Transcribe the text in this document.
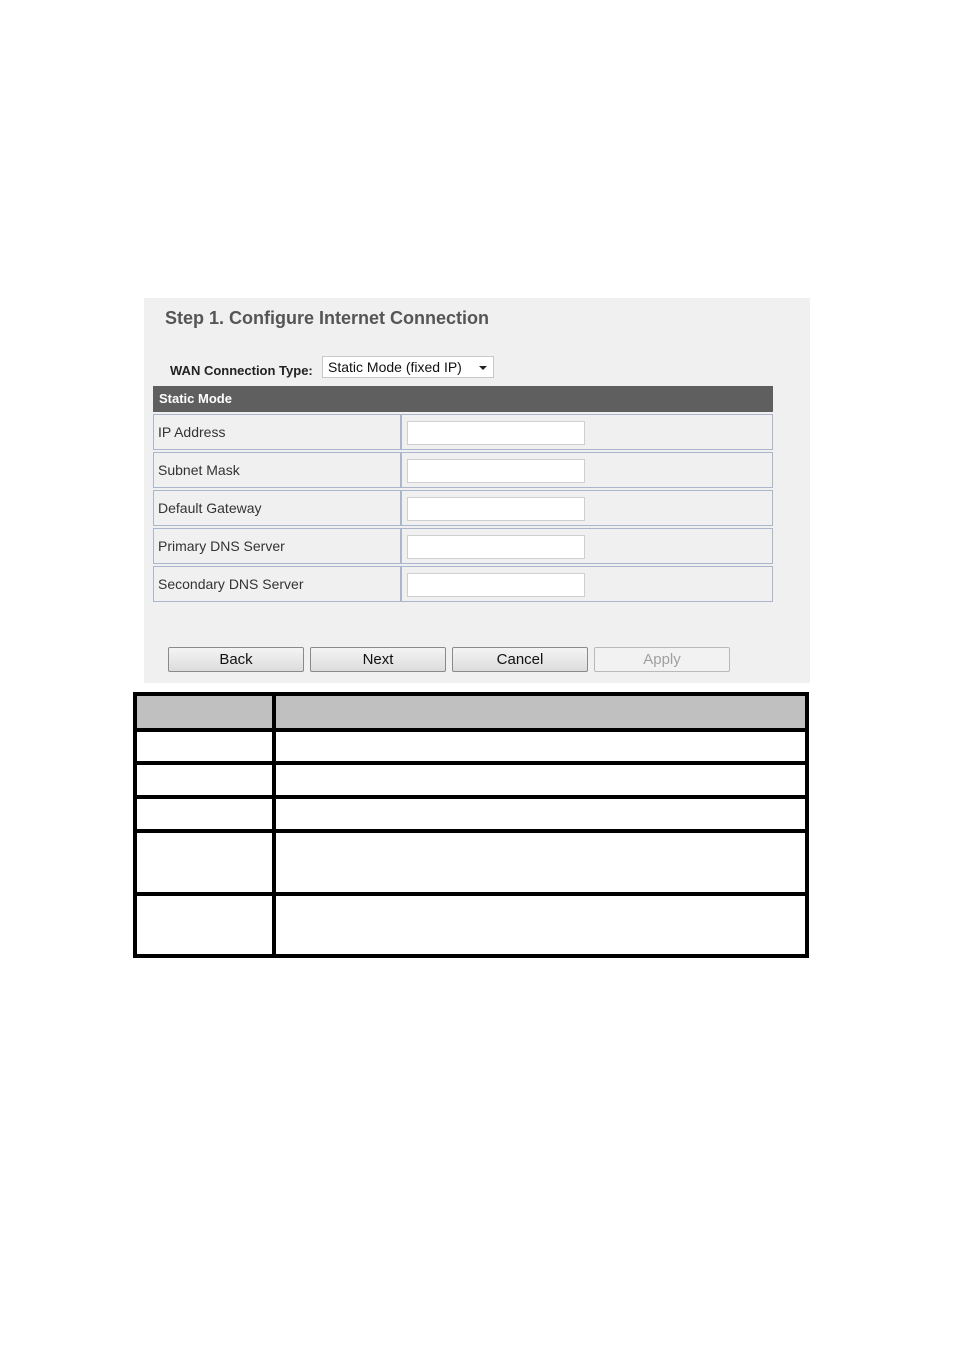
Step 1. Configure Internet Connection
WAN Connection Type:	Static Mode (fixed IP)
Static Mode
IP Address
Subnet Mask
Default Gateway
Primary DNS Server
Secondary DNS Server
Back	Next	Cancel	Apply
